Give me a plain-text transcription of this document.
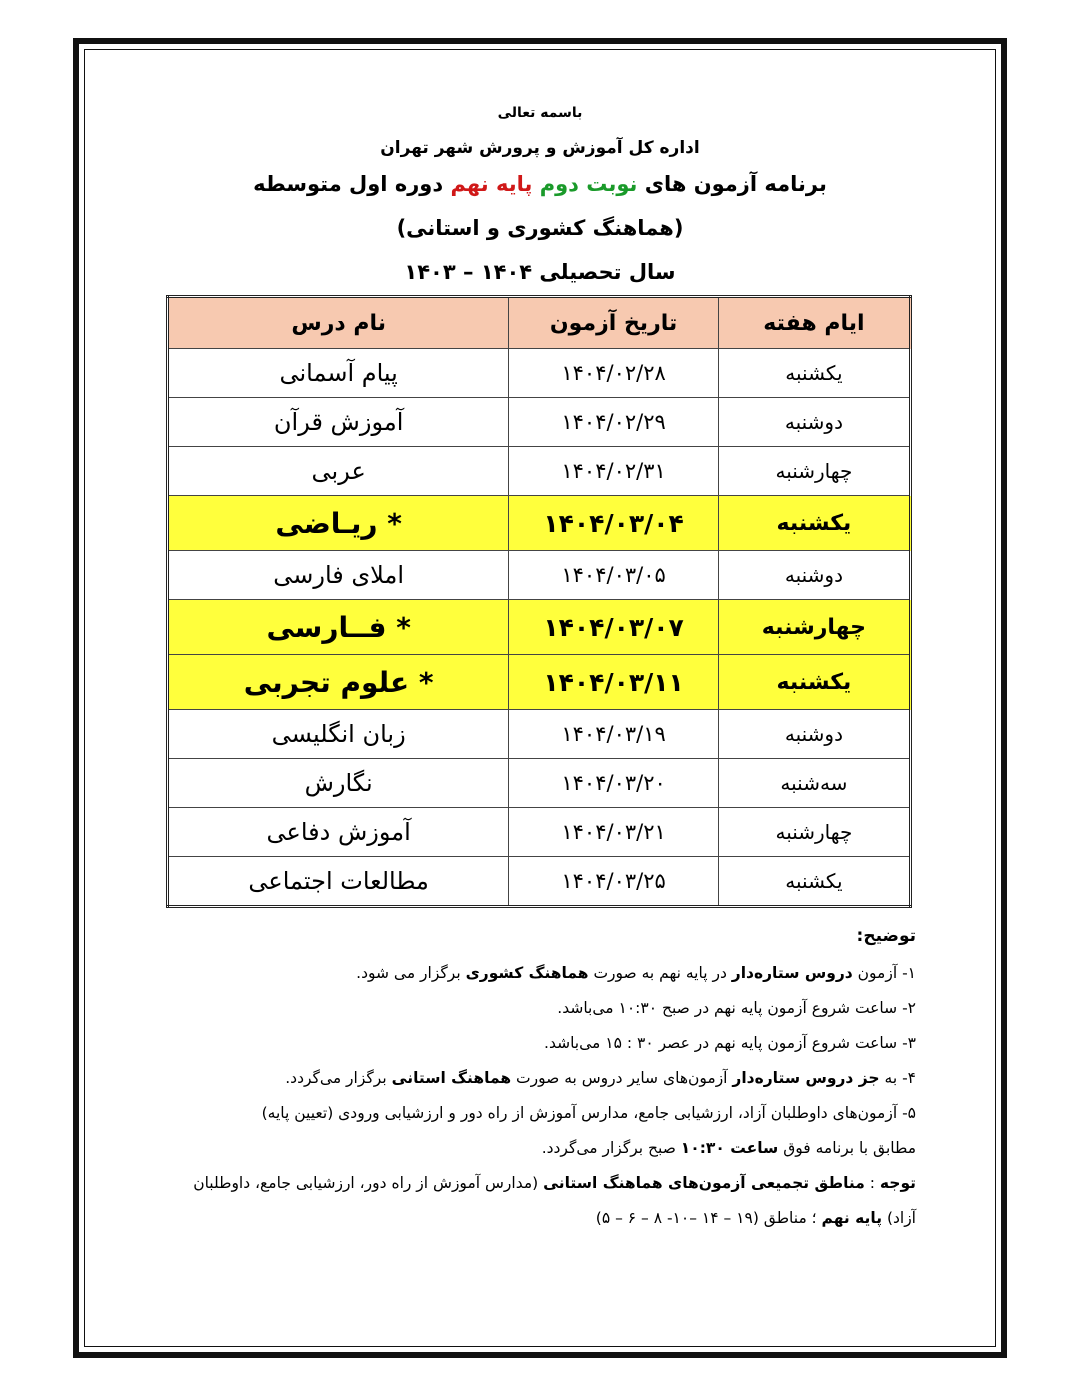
باسمه تعالی
اداره کل آموزش و پرورش شهر تهران
برنامه آزمون های نوبت دوم پایه نهم دوره اول متوسطه
(هماهنگ کشوری و استانی)
سال تحصیلی ۱۴۰۴ – ۱۴۰۳
ایام هفته	تاریخ آزمون	نام درس
یکشنبه	۱۴۰۴/۰۲/۲۸	پیام آسمانی
دوشنبه	۱۴۰۴/۰۲/۲۹	آموزش قرآن
چهارشنبه	۱۴۰۴/۰۲/۳۱	عربی
یکشنبه	۱۴۰۴/۰۳/۰۴	* ریـاضی
دوشنبه	۱۴۰۴/۰۳/۰۵	املای فارسی
چهارشنبه	۱۴۰۴/۰۳/۰۷	* فــارسی
یکشنبه	۱۴۰۴/۰۳/۱۱	* علوم تجربی
دوشنبه	۱۴۰۴/۰۳/۱۹	زبان انگلیسی
سه‌شنبه	۱۴۰۴/۰۳/۲۰	نگارش
چهارشنبه	۱۴۰۴/۰۳/۲۱	آموزش دفاعی
یکشنبه	۱۴۰۴/۰۳/۲۵	مطالعات اجتماعی
توضیح:

۱- آزمون دروس ستاره‌دار در پایه نهم به صورت هماهنگ کشوری برگزار می شود.

۲- ساعت شروع آزمون پایه نهم در صبح ۱۰:۳۰ می‌باشد.

۳- ساعت شروع آزمون پایه نهم در عصر ۳۰ : ۱۵ می‌باشد.

۴- به جز دروس ستاره‌دار آزمون‌های سایر دروس به صورت هماهنگ استانی برگزار می‌گردد.

۵- آزمون‌های داوطلبان آزاد، ارزشیابی جامع، مدارس آموزش از راه دور و ارزشیابی ورودی (تعیین پایه)

مطابق با برنامه فوق ساعت ۱۰:۳۰ صبح برگزار می‌گردد.

توجه : مناطق تجمیعی آزمون‌های هماهنگ استانی (مدارس آموزش از راه دور، ارزشیابی جامع، داوطلبان

آزاد) پایه نهم ؛ مناطق (۱۹ – ۱۴ –۱۰- ۸ – ۶ – ۵)
